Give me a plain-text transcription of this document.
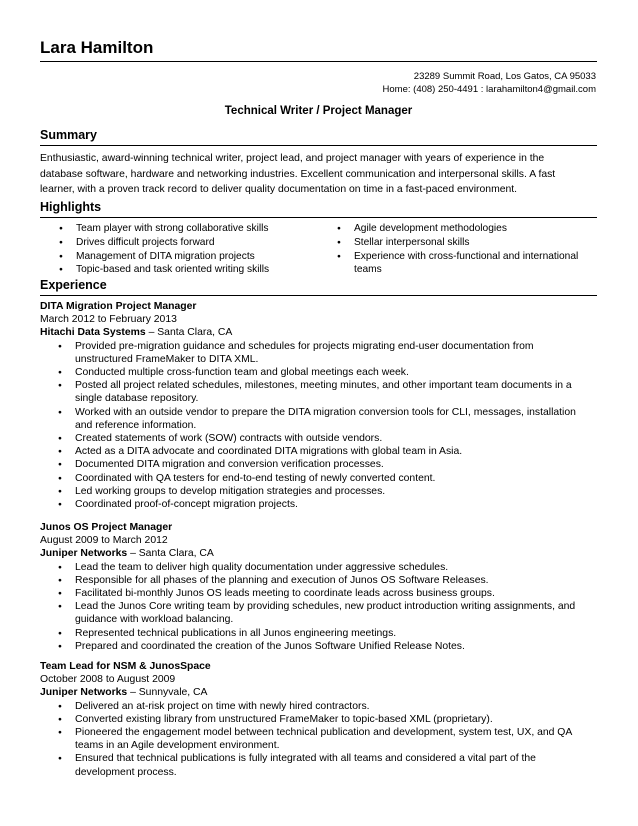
Lara Hamilton
23289 Summit Road, Los Gatos, CA 95033
Home: (408) 250-4491 : larahamilton4@gmail.com
Technical Writer / Project Manager
Summary
Enthusiastic, award-winning technical writer, project lead, and project manager with years of experience in the
database software, hardware and networking industries. Excellent communication and interpersonal skills. A fast
learner, with a proven track record to deliver quality documentation on time in a fast-paced environment.
Highlights
● Team player with strong collaborative skills
● Drives difficult projects forward
● Management of DITA migration projects
● Topic-based and task oriented writing skills
● Agile development methodologies
● Stellar interpersonal skills
● Experience with cross-functional and international teams
Experience
DITA Migration Project Manager
March 2012 to February 2013
Hitachi Data Systems – Santa Clara, CA
● Provided pre-migration guidance and schedules for projects migrating end-user documentation from unstructured FrameMaker to DITA XML.
● Conducted multiple cross-function team and global meetings each week.
● Posted all project related schedules, milestones, meeting minutes, and other important team documents in a single database repository.
● Worked with an outside vendor to prepare the DITA migration conversion tools for CLI, messages, installation and reference information.
● Created statements of work (SOW) contracts with outside vendors.
● Acted as a DITA advocate and coordinated DITA migrations with global team in Asia.
● Documented DITA migration and conversion verification processes.
● Coordinated with QA testers for end-to-end testing of newly converted content.
● Led working groups to develop mitigation strategies and processes.
● Coordinated proof-of-concept migration projects.
Junos OS Project Manager
August 2009 to March 2012
Juniper Networks – Santa Clara, CA
● Lead the team to deliver high quality documentation under aggressive schedules.
● Responsible for all phases of the planning and execution of Junos OS Software Releases.
● Facilitated bi-monthly Junos OS leads meeting to coordinate leads across business groups.
● Lead the Junos Core writing team by providing schedules, new product introduction writing assignments, and guidance with workload balancing.
● Represented technical publications in all Junos engineering meetings.
● Prepared and coordinated the creation of the Junos Software Unified Release Notes.
Team Lead for NSM & JunosSpace
October 2008 to August 2009
Juniper Networks – Sunnyvale, CA
● Delivered an at-risk project on time with newly hired contractors.
● Converted existing library from unstructured FrameMaker to topic-based XML (proprietary).
● Pioneered the engagement model between technical publication and development, system test, UX, and QA teams in an Agile development environment.
● Ensured that technical publications is fully integrated with all teams and considered a vital part of the development process.
